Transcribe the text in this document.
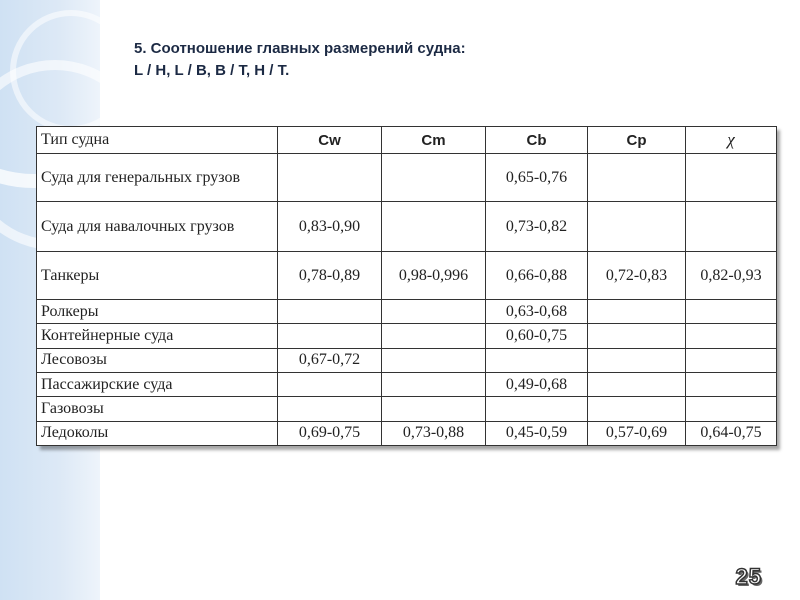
5. Соотношение главных размерений судна:
L / H, L / B, B / T, H / T.
Тип судна	Cw	Cm	Cb	Cp	χ
Суда для генеральных грузов			0,65-0,76		
Суда для навалочных грузов	0,83-0,90		0,73-0,82		
Танкеры	0,78-0,89	0,98-0,996	0,66-0,88	0,72-0,83	0,82-0,93
Ролкеры			0,63-0,68		
Контейнерные суда			0,60-0,75		
Лесовозы	0,67-0,72				
Пассажирские суда			0,49-0,68		
Газовозы					
Ледоколы	0,69-0,75	0,73-0,88	0,45-0,59	0,57-0,69	0,64-0,75
25
